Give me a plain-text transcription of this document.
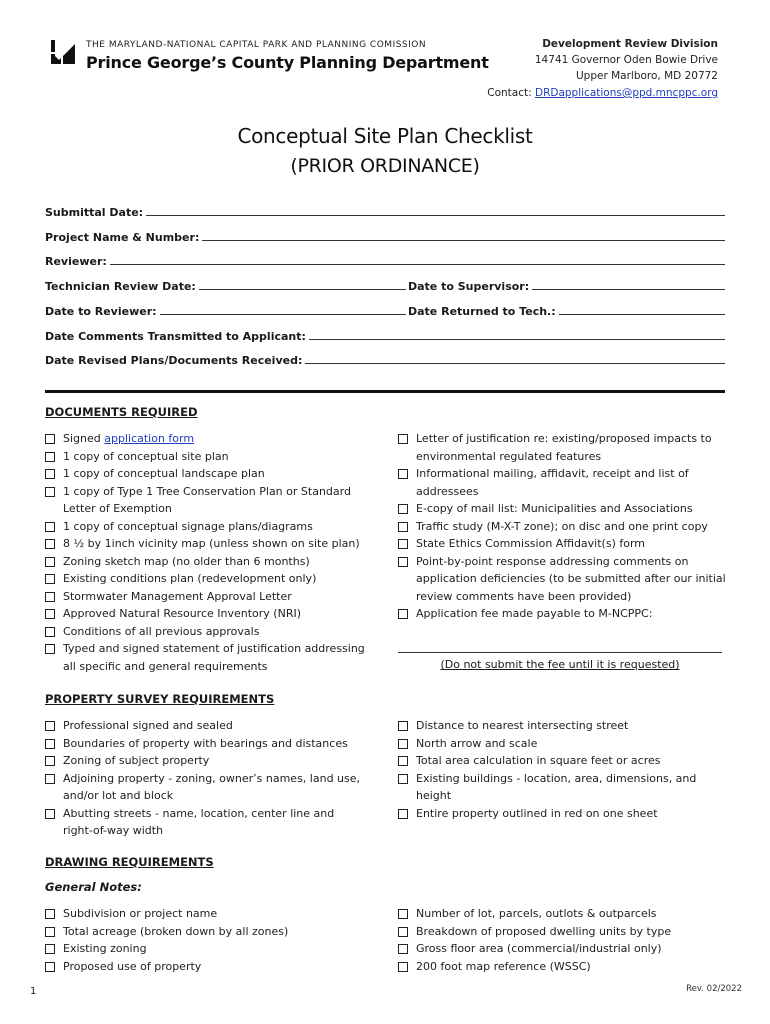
THE MARYLAND-NATIONAL CAPITAL PARK AND PLANNING COMISSION
Prince George’s County Planning Department
Development Review Division
14741 Governor Oden Bowie Drive
Upper Marlboro, MD 20772
Contact: DRDapplications@ppd.mncppc.org
Conceptual Site Plan Checklist
(PRIOR ORDINANCE)
Submittal Date:
Project Name & Number:
Reviewer:
Technician Review Date:	Date to Supervisor:
Date to Reviewer:	Date Returned to Tech.:
Date Comments Transmitted to Applicant:
Date Revised Plans/Documents Received:
DOCUMENTS REQUIRED
Signed application form
1 copy of conceptual site plan
1 copy of conceptual landscape plan
1 copy of Type 1 Tree Conservation Plan or Standard Letter of Exemption
1 copy of conceptual signage plans/diagrams
8 ½ by 1inch vicinity map (unless shown on site plan)
Zoning sketch map (no older than 6 months)
Existing conditions plan (redevelopment only)
Stormwater Management Approval Letter
Approved Natural Resource Inventory (NRI)
Conditions of all previous approvals
Typed and signed statement of justification addressing all specific and general requirements
Letter of justification re: existing/proposed impacts to environmental regulated features
Informational mailing, affidavit, receipt and list of addressees
E-copy of mail list: Municipalities and Associations
Traffic study (M-X-T zone); on disc and one print copy
State Ethics Commission Affidavit(s) form
Point-by-point response addressing comments on application deficiencies (to be submitted after our initial review comments have been provided)
Application fee made payable to M-NCPPC:
(Do not submit the fee until it is requested)
PROPERTY SURVEY REQUIREMENTS
Professional signed and sealed
Boundaries of property with bearings and distances
Zoning of subject property
Adjoining property - zoning, owner’s names, land use, and/or lot and block
Abutting streets - name, location, center line and right-of-way width
Distance to nearest intersecting street
North arrow and scale
Total area calculation in square feet or acres
Existing buildings - location, area, dimensions, and height
Entire property outlined in red on one sheet
DRAWING REQUIREMENTS
General Notes:
Subdivision or project name
Total acreage (broken down by all zones)
Existing zoning
Proposed use of property
Number of lot, parcels, outlots & outparcels
Breakdown of proposed dwelling units by type
Gross floor area (commercial/industrial only)
200 foot map reference (WSSC)
1	Rev. 02/2022
